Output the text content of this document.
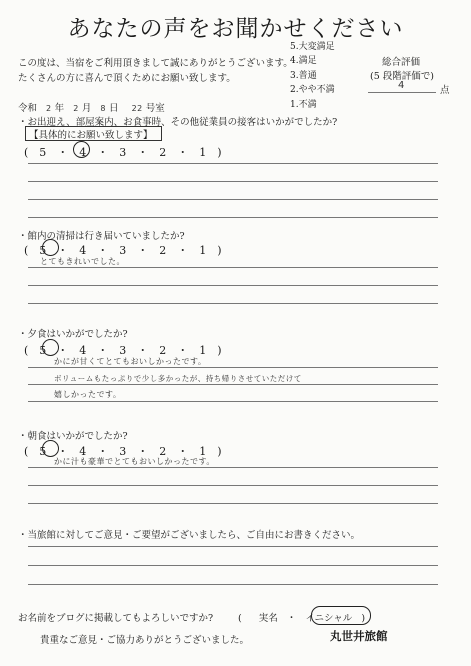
あなたの声をお聞かせください
この度は、当宿をご利用頂きまして誠にありがとうございます。
たくさんの方に喜んで頂くためにお願い致します。
5.大変満足
4.満足
3.普通
2.やや不満
1.不満
総合評価
(5 段階評価で)
4	点
令和 2 年 2 月 8 日 22 号室
・お出迎え、部屋案内、お食事時、その他従業員の接客はいかがでしたか?
【具体的にお願い致します】
(　5　・　4　・　3　・　2　・　1　)
・館内の清掃は行き届いていましたか?
(　5　・　4　・　3　・　2　・　1　)
とてもきれいでした。
・夕食はいかがでしたか?
(　5　・　4　・　3　・　2　・　1　)
かにが甘くてとてもおいしかったです。
ボリュームもたっぷりで少し多かったが、持ち帰りさせていただけて
嬉しかったです。
・朝食はいかがでしたか?
(　5　・　4　・　3　・　2　・　1　)
かに汁も豪華でとてもおいしかったです。
・当旅館に対してご意見・ご要望がございましたら、ご自由にお書きください。
お名前をブログに掲載してもよろしいですか?	( 実名 ・ イニシャル )
貴重なご意見・ご協力ありがとうございました。	丸世井旅館
